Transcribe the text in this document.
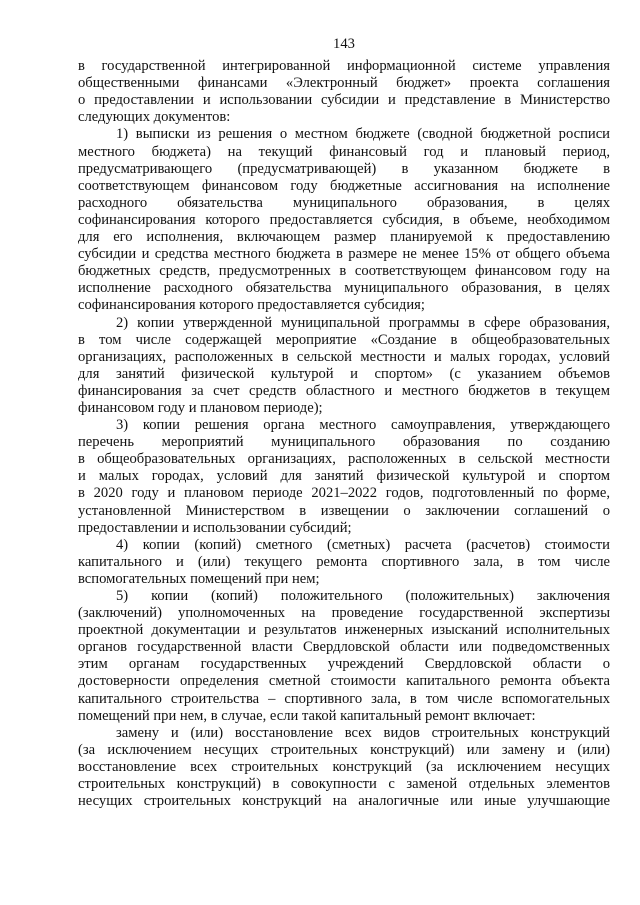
143
в государственной интегрированной информационной системе управления
общественными финансами «Электронный бюджет» проекта соглашения
о предоставлении и использовании субсидии и представление в Министерство
следующих документов:
1) выписки из решения о местном бюджете (сводной бюджетной росписи
местного бюджета) на текущий финансовый год и плановый период,
предусматривающего (предусматривающей) в указанном бюджете в
соответствующем финансовом году бюджетные ассигнования на исполнение
расходного обязательства муниципального образования, в целях
софинансирования которого предоставляется субсидия, в объеме, необходимом
для его исполнения, включающем размер планируемой к предоставлению
субсидии и средства местного бюджета в размере не менее 15% от общего объема
бюджетных средств, предусмотренных в соответствующем финансовом году на
исполнение расходного обязательства муниципального образования, в целях
софинансирования которого предоставляется субсидия;
2) копии утвержденной муниципальной программы в сфере образования,
в том числе содержащей мероприятие «Создание в общеобразовательных
организациях, расположенных в сельской местности и малых городах, условий
для занятий физической культурой и спортом» (с указанием объемов
финансирования за счет средств областного и местного бюджетов в текущем
финансовом году и плановом периоде);
3) копии решения органа местного самоуправления, утверждающего
перечень мероприятий муниципального образования по созданию
в общеобразовательных организациях, расположенных в сельской местности
и малых городах, условий для занятий физической культурой и спортом
в 2020 году и плановом периоде 2021–2022 годов, подготовленный по форме,
установленной Министерством в извещении о заключении соглашений о
предоставлении и использовании субсидий;
4) копии (копий) сметного (сметных) расчета (расчетов) стоимости
капитального и (или) текущего ремонта спортивного зала, в том числе
вспомогательных помещений при нем;
5) копии (копий) положительного (положительных) заключения
(заключений) уполномоченных на проведение государственной экспертизы
проектной документации и результатов инженерных изысканий исполнительных
органов государственной власти Свердловской области или подведомственных
этим органам государственных учреждений Свердловской области о
достоверности определения сметной стоимости капитального ремонта объекта
капитального строительства – спортивного зала, в том числе вспомогательных
помещений при нем, в случае, если такой капитальный ремонт включает:
замену и (или) восстановление всех видов строительных конструкций
(за исключением несущих строительных конструкций) или замену и (или)
восстановление всех строительных конструкций (за исключением несущих
строительных конструкций) в совокупности с заменой отдельных элементов
несущих строительных конструкций на аналогичные или иные улучшающие
